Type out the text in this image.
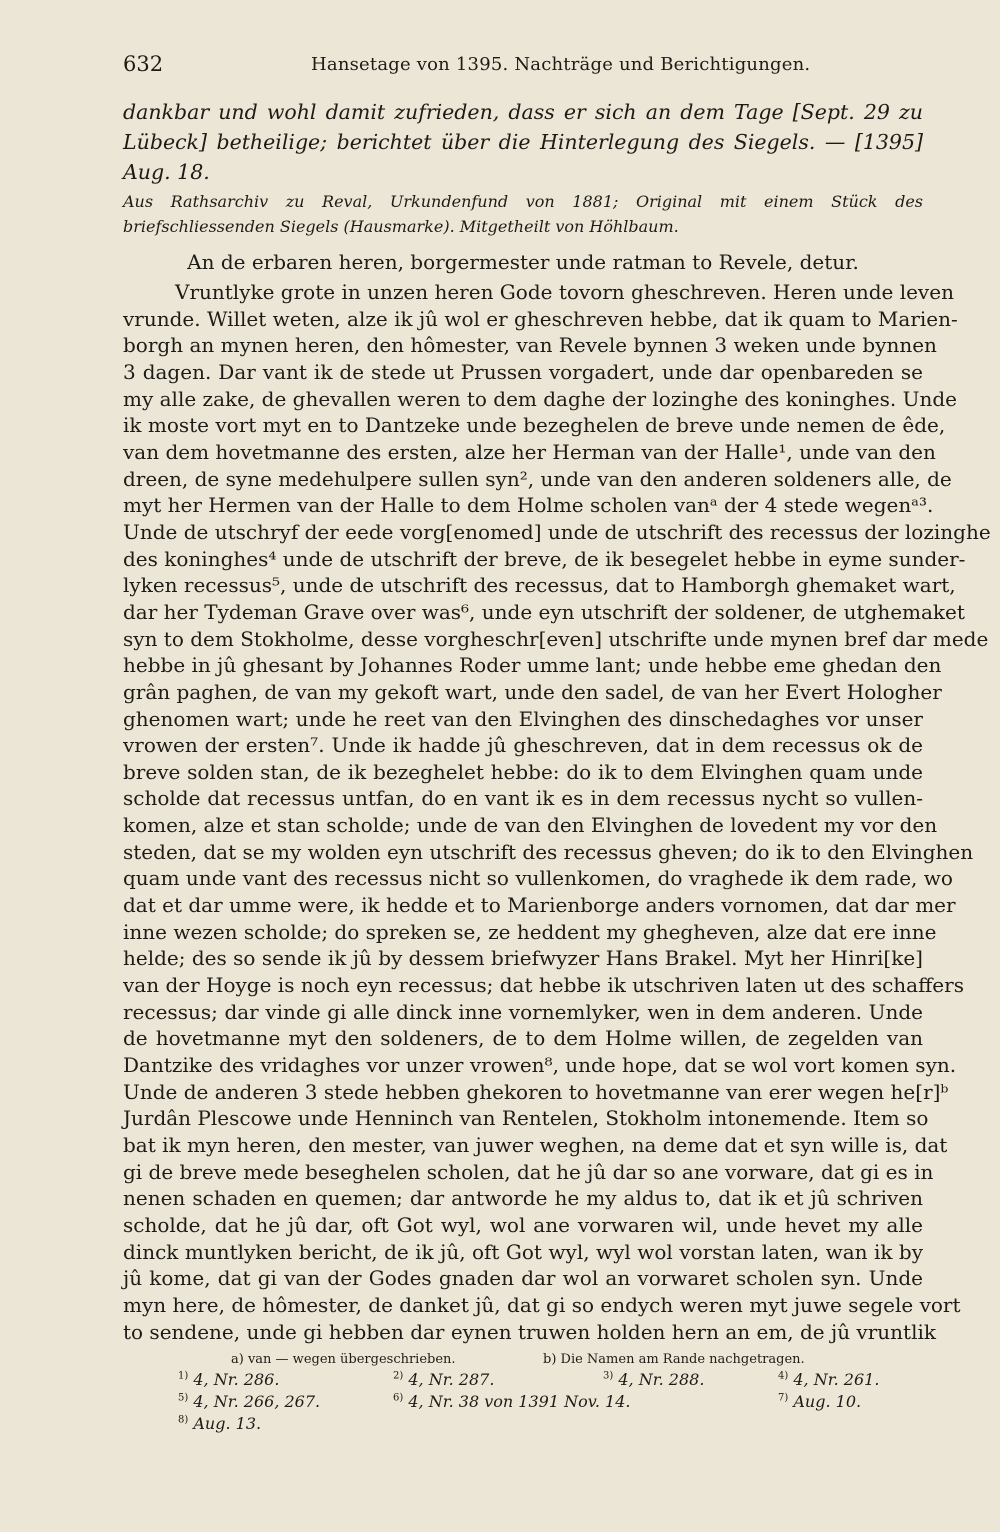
632	Hansetage von 1395. Nachträge und Berichtigungen.

dankbar und wohl damit zufrieden, dass er sich an dem Tage [Sept. 29 zu Lübeck] betheilige; berichtet über die Hinterlegung des Siegels. — [1395] Aug. 18.

Aus Rathsarchiv zu Reval, Urkundenfund von 1881; Original mit einem Stück des briefschliessenden Siegels (Hausmarke). Mitgetheilt von Höhlbaum.

An de erbaren heren, borgermester unde ratman to Revele, detur.

Vruntlyke grote in unzen heren Gode tovorn gheschreven. Heren unde leven
vrunde. Willet weten, alze ik jû wol er gheschreven hebbe, dat ik quam to Marien-
borgh an mynen heren, den hômester, van Revele bynnen 3 weken unde bynnen
3 dagen. Dar vant ik de stede ut Prussen vorgadert, unde dar openbareden se
my alle zake, de ghevallen weren to dem daghe der lozinghe des koninghes. Unde
ik moste vort myt en to Dantzeke unde bezeghelen de breve unde nemen de êde,
van dem hovetmanne des ersten, alze her Herman van der Halle¹, unde van den
dreen, de syne medehulpere sullen syn², unde van den anderen soldeners alle, de
myt her Hermen van der Halle to dem Holme scholen vanᵃ der 4 stede wegenᵃ³.
Unde de utschryf der eede vorg[enomed] unde de utschrift des recessus der lozinghe
des koninghes⁴ unde de utschrift der breve, de ik besegelet hebbe in eyme sunder-
lyken recessus⁵, unde de utschrift des recessus, dat to Hamborgh ghemaket wart,
dar her Tydeman Grave over was⁶, unde eyn utschrift der soldener, de utghemaket
syn to dem Stokholme, desse vorgheschr[even] utschrifte unde mynen bref dar mede
hebbe in jû ghesant by Johannes Roder umme lant; unde hebbe eme ghedan den
grân paghen, de van my gekoft wart, unde den sadel, de van her Evert Hologher
ghenomen wart; unde he reet van den Elvinghen des dinschedaghes vor unser
vrowen der ersten⁷. Unde ik hadde jû gheschreven, dat in dem recessus ok de
breve solden stan, de ik bezeghelet hebbe: do ik to dem Elvinghen quam unde
scholde dat recessus untfan, do en vant ik es in dem recessus nycht so vullen-
komen, alze et stan scholde; unde de van den Elvinghen de lovedent my vor den
steden, dat se my wolden eyn utschrift des recessus gheven; do ik to den Elvinghen
quam unde vant des recessus nicht so vullenkomen, do vraghede ik dem rade, wo
dat et dar umme were, ik hedde et to Marienborge anders vornomen, dat dar mer
inne wezen scholde; do spreken se, ze heddent my ghegheven, alze dat ere inne
helde; des so sende ik jû by dessem briefwyzer Hans Brakel. Myt her Hinri[ke]
van der Hoyge is noch eyn recessus; dat hebbe ik utschriven laten ut des schaffers
recessus; dar vinde gi alle dinck inne vornemlyker, wen in dem anderen. Unde
de hovetmanne myt den soldeners, de to dem Holme willen, de zegelden van
Dantzike des vridaghes vor unzer vrowen⁸, unde hope, dat se wol vort komen syn.
Unde de anderen 3 stede hebben ghekoren to hovetmanne van erer wegen he[r]ᵇ
Jurdân Plescowe unde Henninch van Rentelen, Stokholm intonemende. Item so
bat ik myn heren, den mester, van juwer weghen, na deme dat et syn wille is, dat
gi de breve mede beseghelen scholen, dat he jû dar so ane vorware, dat gi es in
nenen schaden en quemen; dar antworde he my aldus to, dat ik et jû schriven
scholde, dat he jû dar, oft Got wyl, wol ane vorwaren wil, unde hevet my alle
dinck muntlyken bericht, de ik jû, oft Got wyl, wyl wol vorstan laten, wan ik by
jû kome, dat gi van der Godes gnaden dar wol an vorwaret scholen syn. Unde
myn here, de hômester, de danket jû, dat gi so endych weren myt juwe segele vort
to sendene, unde gi hebben dar eynen truwen holden hern an em, de jû vruntlik
a) van — wegen übergeschrieben.	b) Die Namen am Rande nachgetragen.
$^{1)}$ 4, Nr. 286.	$^{2)}$ 4, Nr. 287.	$^{3)}$ 4, Nr. 288.	$^{4)}$ 4, Nr. 261.
$^{5)}$ 4, Nr. 266, 267.	$^{6)}$ 4, Nr. 38 von 1391 Nov. 14.	$^{7)}$ Aug. 10.
$^{8)}$ Aug. 13.
